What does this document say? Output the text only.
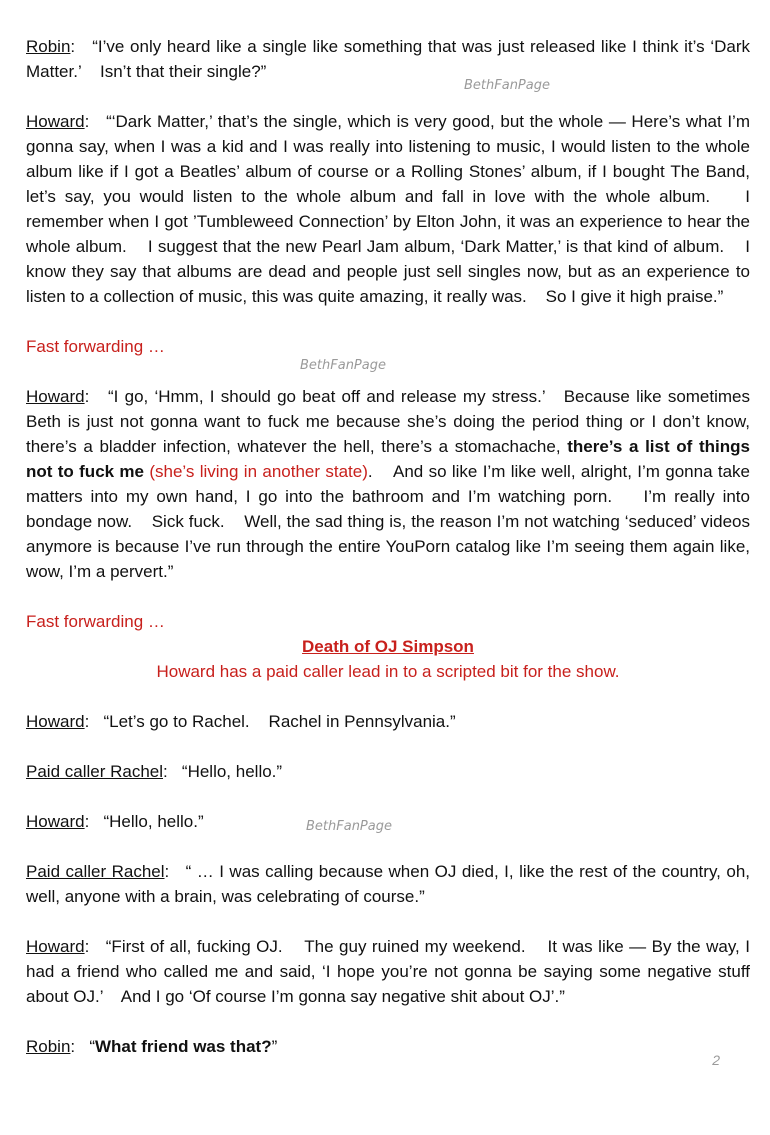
Robin:   “I’ve only heard like a single like something that was just released like I think it’s ‘Dark Matter.’    Isn’t that their single?”

Howard:   “‘Dark Matter,’ that’s the single, which is very good, but the whole — Here’s what I’m gonna say, when I was a kid and I was really into listening to music, I would listen to the whole album like if I got a Beatles’ album of course or a Rolling Stones’ album, if I bought The Band, let’s say, you would listen to the whole album and fall in love with the whole album.    I remember when I got ’Tumbleweed Connection’ by Elton John, it was an experience to hear the whole album.    I suggest that the new Pearl Jam album, ‘Dark Matter,’ is that kind of album.    I know they say that albums are dead and people just sell singles now, but as an experience to listen to a collection of music, this was quite amazing, it really was.    So I give it high praise.”

Fast forwarding …

Howard:   “I go, ‘Hmm, I should go beat off and release my stress.’   Because like sometimes Beth is just not gonna want to fuck me because she’s doing the period thing or I don’t know, there’s a bladder infection, whatever the hell, there’s a stomachache, there’s a list of things not to fuck me (she’s living in another state).    And so like I’m like well, alright, I’m gonna take matters into my own hand, I go into the bathroom and I’m watching porn.    I’m really into bondage now.    Sick fuck.    Well, the sad thing is, the reason I’m not watching ‘seduced’ videos anymore is because I’ve run through the entire YouPorn catalog like I’m seeing them again like, wow, I’m a pervert.”

Fast forwarding …

Death of OJ Simpson

Howard has a paid caller lead in to a scripted bit for the show.

Howard:   “Let’s go to Rachel.    Rachel in Pennsylvania.”

Paid caller Rachel:   “Hello, hello.”

Howard:   “Hello, hello.”

Paid caller Rachel:   “ … I was calling because when OJ died, I, like the rest of the country, oh, well, anyone with a brain, was celebrating of course.”

Howard:   “First of all, fucking OJ.    The guy ruined my weekend.    It was like — By the way, I had a friend who called me and said, ‘I hope you’re not gonna be saying some negative stuff about OJ.’    And I go ‘Of course I’m gonna say negative shit about OJ’.”

Robin:   “What friend was that?”

BethFanPage
BethFanPage
BethFanPage
2
